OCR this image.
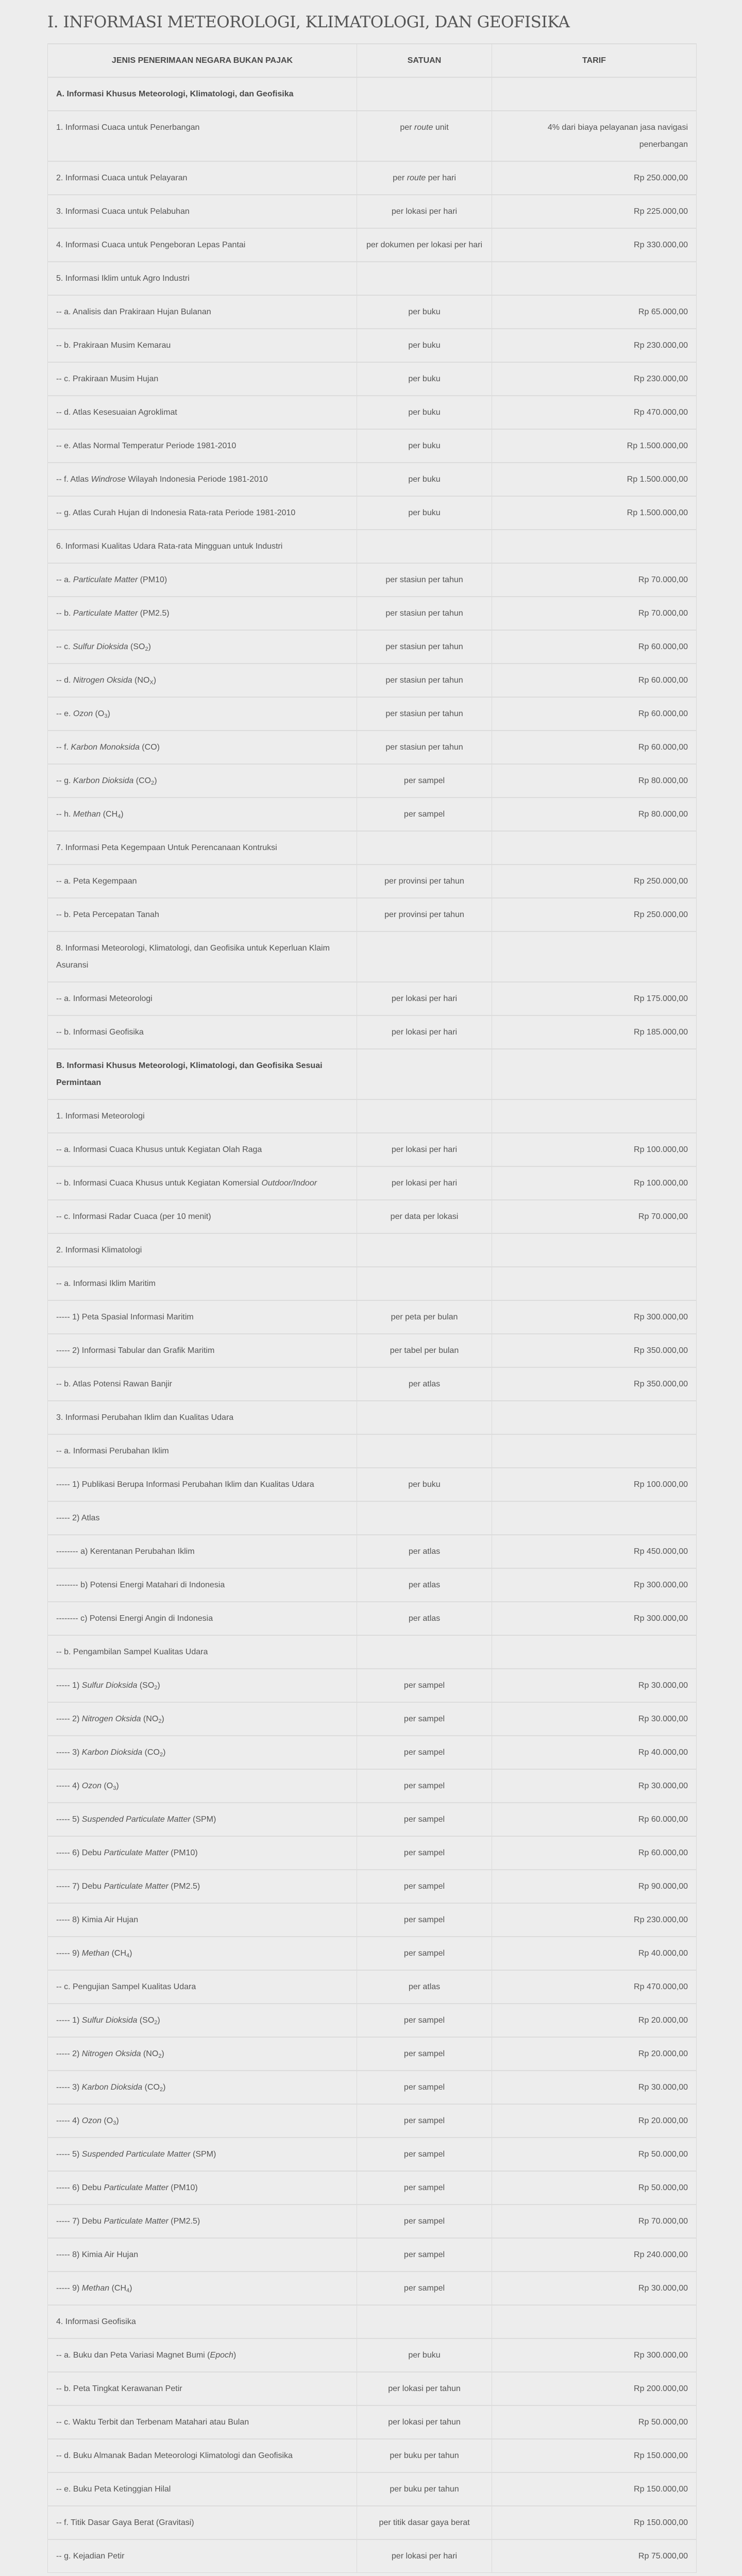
I. INFORMASI METEOROLOGI, KLIMATOLOGI, DAN GEOFISIKA
JENIS PENERIMAAN NEGARA BUKAN PAJAK	SATUAN	TARIF
A. Informasi Khusus Meteorologi, Klimatologi, dan Geofisika		
1. Informasi Cuaca untuk Penerbangan	per route unit	4% dari biaya pelayanan jasa navigasi penerbangan
2. Informasi Cuaca untuk Pelayaran	per route per hari	Rp 250.000,00
3. Informasi Cuaca untuk Pelabuhan	per lokasi per hari	Rp 225.000,00
4. Informasi Cuaca untuk Pengeboran Lepas Pantai	per dokumen per lokasi per hari	Rp 330.000,00
5. Informasi Iklim untuk Agro Industri		
-- a. Analisis dan Prakiraan Hujan Bulanan	per buku	Rp 65.000,00
-- b. Prakiraan Musim Kemarau	per buku	Rp 230.000,00
-- c. Prakiraan Musim Hujan	per buku	Rp 230.000,00
-- d. Atlas Kesesuaian Agroklimat	per buku	Rp 470.000,00
-- e. Atlas Normal Temperatur Periode 1981-2010	per buku	Rp 1.500.000,00
-- f. Atlas Windrose Wilayah Indonesia Periode 1981-2010	per buku	Rp 1.500.000,00
-- g. Atlas Curah Hujan di Indonesia Rata-rata Periode 1981-2010	per buku	Rp 1.500.000,00
6. Informasi Kualitas Udara Rata-rata Mingguan untuk Industri		
-- a. Particulate Matter (PM10)	per stasiun per tahun	Rp 70.000,00
-- b. Particulate Matter (PM2.5)	per stasiun per tahun	Rp 70.000,00
-- c. Sulfur Dioksida $(SO_2)$	per stasiun per tahun	Rp 60.000,00
-- d. Nitrogen Oksida $(NO_X)$	per stasiun per tahun	Rp 60.000,00
-- e. Ozon $(O_3)$	per stasiun per tahun	Rp 60.000,00
-- f. Karbon Monoksida (CO)	per stasiun per tahun	Rp 60.000,00
-- g. Karbon Dioksida $(CO_2)$	per sampel	Rp 80.000,00
-- h. Methan $(CH_4)$	per sampel	Rp 80.000,00
7. Informasi Peta Kegempaan Untuk Perencanaan Kontruksi		
-- a. Peta Kegempaan	per provinsi per tahun	Rp 250.000,00
-- b. Peta Percepatan Tanah	per provinsi per tahun	Rp 250.000,00
8. Informasi Meteorologi, Klimatologi, dan Geofisika untuk Keperluan Klaim Asuransi		
-- a. Informasi Meteorologi	per lokasi per hari	Rp 175.000,00
-- b. Informasi Geofisika	per lokasi per hari	Rp 185.000,00
B. Informasi Khusus Meteorologi, Klimatologi, dan Geofisika Sesuai Permintaan		
1. Informasi Meteorologi		
-- a. Informasi Cuaca Khusus untuk Kegiatan Olah Raga	per lokasi per hari	Rp 100.000,00
-- b. Informasi Cuaca Khusus untuk Kegiatan Komersial Outdoor/Indoor	per lokasi per hari	Rp 100.000,00
-- c. Informasi Radar Cuaca (per 10 menit)	per data per lokasi	Rp 70.000,00
2. Informasi Klimatologi		
-- a. Informasi Iklim Maritim		
----- 1) Peta Spasial Informasi Maritim	per peta per bulan	Rp 300.000,00
----- 2) Informasi Tabular dan Grafik Maritim	per tabel per bulan	Rp 350.000,00
-- b. Atlas Potensi Rawan Banjir	per atlas	Rp 350.000,00
3. Informasi Perubahan Iklim dan Kualitas Udara		
-- a. Informasi Perubahan Iklim		
----- 1) Publikasi Berupa Informasi Perubahan Iklim dan Kualitas Udara	per buku	Rp 100.000,00
----- 2) Atlas		
-------- a) Kerentanan Perubahan Iklim	per atlas	Rp 450.000,00
-------- b) Potensi Energi Matahari di Indonesia	per atlas	Rp 300.000,00
-------- c) Potensi Energi Angin di Indonesia	per atlas	Rp 300.000,00
-- b. Pengambilan Sampel Kualitas Udara		
----- 1) Sulfur Dioksida $(SO_2)$	per sampel	Rp 30.000,00
----- 2) Nitrogen Oksida $(NO_2)$	per sampel	Rp 30.000,00
----- 3) Karbon Dioksida $(CO_2)$	per sampel	Rp 40.000,00
----- 4) Ozon $(O_3)$	per sampel	Rp 30.000,00
----- 5) Suspended Particulate Matter (SPM)	per sampel	Rp 60.000,00
----- 6) Debu Particulate Matter (PM10)	per sampel	Rp 60.000,00
----- 7) Debu Particulate Matter (PM2.5)	per sampel	Rp 90.000,00
----- 8) Kimia Air Hujan	per sampel	Rp 230.000,00
----- 9) Methan $(CH_4)$	per sampel	Rp 40.000,00
-- c. Pengujian Sampel Kualitas Udara	per atlas	Rp 470.000,00
----- 1) Sulfur Dioksida $(SO_2)$	per sampel	Rp 20.000,00
----- 2) Nitrogen Oksida $(NO_2)$	per sampel	Rp 20.000,00
----- 3) Karbon Dioksida $(CO_2)$	per sampel	Rp 30.000,00
----- 4) Ozon $(O_3)$	per sampel	Rp 20.000,00
----- 5) Suspended Particulate Matter (SPM)	per sampel	Rp 50.000,00
----- 6) Debu Particulate Matter (PM10)	per sampel	Rp 50.000,00
----- 7) Debu Particulate Matter (PM2.5)	per sampel	Rp 70.000,00
----- 8) Kimia Air Hujan	per sampel	Rp 240.000,00
----- 9) Methan $(CH_4)$	per sampel	Rp 30.000,00
4. Informasi Geofisika		
-- a. Buku dan Peta Variasi Magnet Bumi (Epoch)	per buku	Rp 300.000,00
-- b. Peta Tingkat Kerawanan Petir	per lokasi per tahun	Rp 200.000,00
-- c. Waktu Terbit dan Terbenam Matahari atau Bulan	per lokasi per tahun	Rp 50.000,00
-- d. Buku Almanak Badan Meteorologi Klimatologi dan Geofisika	per buku per tahun	Rp 150.000,00
-- e. Buku Peta Ketinggian Hilal	per buku per tahun	Rp 150.000,00
-- f. Titik Dasar Gaya Berat (Gravitasi)	per titik dasar gaya berat	Rp 150.000,00
-- g. Kejadian Petir	per lokasi per hari	Rp 75.000,00
